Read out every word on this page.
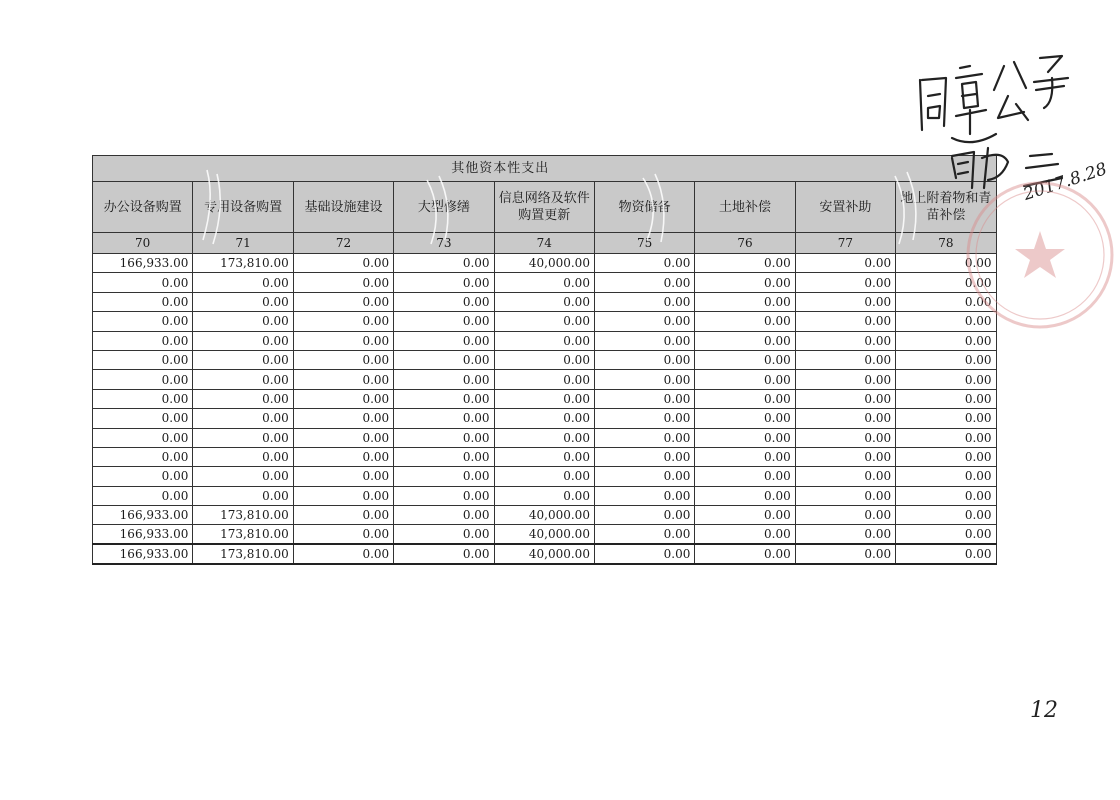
		其他资本性支出						
办公设备购置	专用设备购置	基础设施建设	大型修缮	信息网络及软件购置更新	物资储备	土地补偿	安置补助	地上附着物和青苗补偿
70	71	72	73	74	75	76	77	78
166,933.00	173,810.00	0.00	0.00	40,000.00	0.00	0.00	0.00	0.00
0.00	0.00	0.00	0.00	0.00	0.00	0.00	0.00	0.00
0.00	0.00	0.00	0.00	0.00	0.00	0.00	0.00	0.00
0.00	0.00	0.00	0.00	0.00	0.00	0.00	0.00	0.00
0.00	0.00	0.00	0.00	0.00	0.00	0.00	0.00	0.00
0.00	0.00	0.00	0.00	0.00	0.00	0.00	0.00	0.00
0.00	0.00	0.00	0.00	0.00	0.00	0.00	0.00	0.00
0.00	0.00	0.00	0.00	0.00	0.00	0.00	0.00	0.00
0.00	0.00	0.00	0.00	0.00	0.00	0.00	0.00	0.00
0.00	0.00	0.00	0.00	0.00	0.00	0.00	0.00	0.00
0.00	0.00	0.00	0.00	0.00	0.00	0.00	0.00	0.00
0.00	0.00	0.00	0.00	0.00	0.00	0.00	0.00	0.00
0.00	0.00	0.00	0.00	0.00	0.00	0.00	0.00	0.00
166,933.00	173,810.00	0.00	0.00	40,000.00	0.00	0.00	0.00	0.00
166,933.00	173,810.00	0.00	0.00	40,000.00	0.00	0.00	0.00	0.00
166,933.00	173,810.00	0.00	0.00	40,000.00	0.00	0.00	0.00	0.00
2017.8.28
12
